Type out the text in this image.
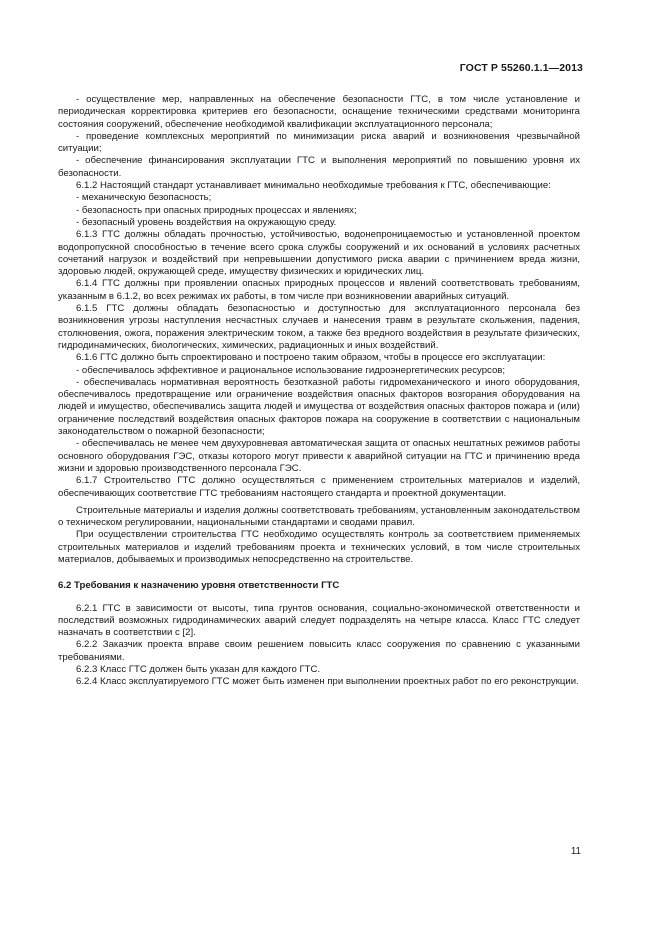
ГОСТ Р 55260.1.1—2013

- осуществление мер, направленных на обеспечение безопасности ГТС, в том числе установление и периодическая корректировка критериев его безопасности, оснащение техническими средствами мониторинга состояния сооружений, обеспечение необходимой квалификации эксплуатационного персонала;

- проведение комплексных мероприятий по минимизации риска аварий и возникновения чрезвычайной ситуации;

- обеспечение финансирования эксплуатации ГТС и выполнения мероприятий по повышению уровня их безопасности.

6.1.2 Настоящий стандарт устанавливает минимально необходимые требования к ГТС, обеспечивающие:

- механическую безопасность;

- безопасность при опасных природных процессах и явлениях;

- безопасный уровень воздействия на окружающую среду.

6.1.3 ГТС должны обладать прочностью, устойчивостью, водонепроницаемостью и установленной проектом водопропускной способностью в течение всего срока службы сооружений и их оснований в условиях расчетных сочетаний нагрузок и воздействий при непревышении допустимого риска аварии с причинением вреда жизни, здоровью людей, окружающей среде, имуществу физических и юридических лиц.

6.1.4 ГТС должны при проявлении опасных природных процессов и явлений соответствовать требованиям, указанным в 6.1.2, во всех режимах их работы, в том числе при возникновении аварийных ситуаций.

6.1.5 ГТС должны обладать безопасностью и доступностью для эксплуатационного персонала без возникновения угрозы наступления несчастных случаев и нанесения травм в результате скольжения, падения, столкновения, ожога, поражения электрическим током, а также без вредного воздействия в результате физических, гидродинамических, биологических, химических, радиационных и иных воздействий.

6.1.6 ГТС должно быть спроектировано и построено таким образом, чтобы в процессе его эксплуатации:

- обеспечивалось эффективное и рациональное использование гидроэнергетических ресурсов;

- обеспечивалась нормативная вероятность безотказной работы гидромеханического и иного оборудования, обеспечивалось предотвращение или ограничение воздействия опасных факторов возгорания оборудования на людей и имущество, обеспечивались защита людей и имущества от воздействия опасных факторов пожара и (или) ограничение последствий воздействия опасных факторов пожара на сооружение в соответствии с национальным законодательством о пожарной безопасности;

- обеспечивалась не менее чем двухуровневая автоматическая защита от опасных нештатных режимов работы основного оборудования ГЭС, отказы которого могут привести к аварийной ситуации на ГТС и причинению вреда жизни и здоровью производственного персонала ГЭС.

6.1.7 Строительство ГТС должно осуществляться с применением строительных материалов и изделий, обеспечивающих соответствие ГТС требованиям настоящего стандарта и проектной документации.

Строительные материалы и изделия должны соответствовать требованиям, установленным законодательством о техническом регулировании, национальными стандартами и сводами правил.

При осуществлении строительства ГТС необходимо осуществлять контроль за соответствием применяемых строительных материалов и изделий требованиям проекта и технических условий, в том числе строительных материалов, добываемых и производимых непосредственно на строительстве.

6.2 Требования к назначению уровня ответственности ГТС

6.2.1 ГТС в зависимости от высоты, типа грунтов основания, социально-экономической ответственности и последствий возможных гидродинамических аварий следует подразделять на четыре класса. Класс ГТС следует назначать в соответствии с [2].

6.2.2 Заказчик проекта вправе своим решением повысить класс сооружения по сравнению с указанными требованиями.

6.2.3 Класс ГТС должен быть указан для каждого ГТС.

6.2.4 Класс эксплуатируемого ГТС может быть изменен при выполнении проектных работ по его реконструкции.

11
